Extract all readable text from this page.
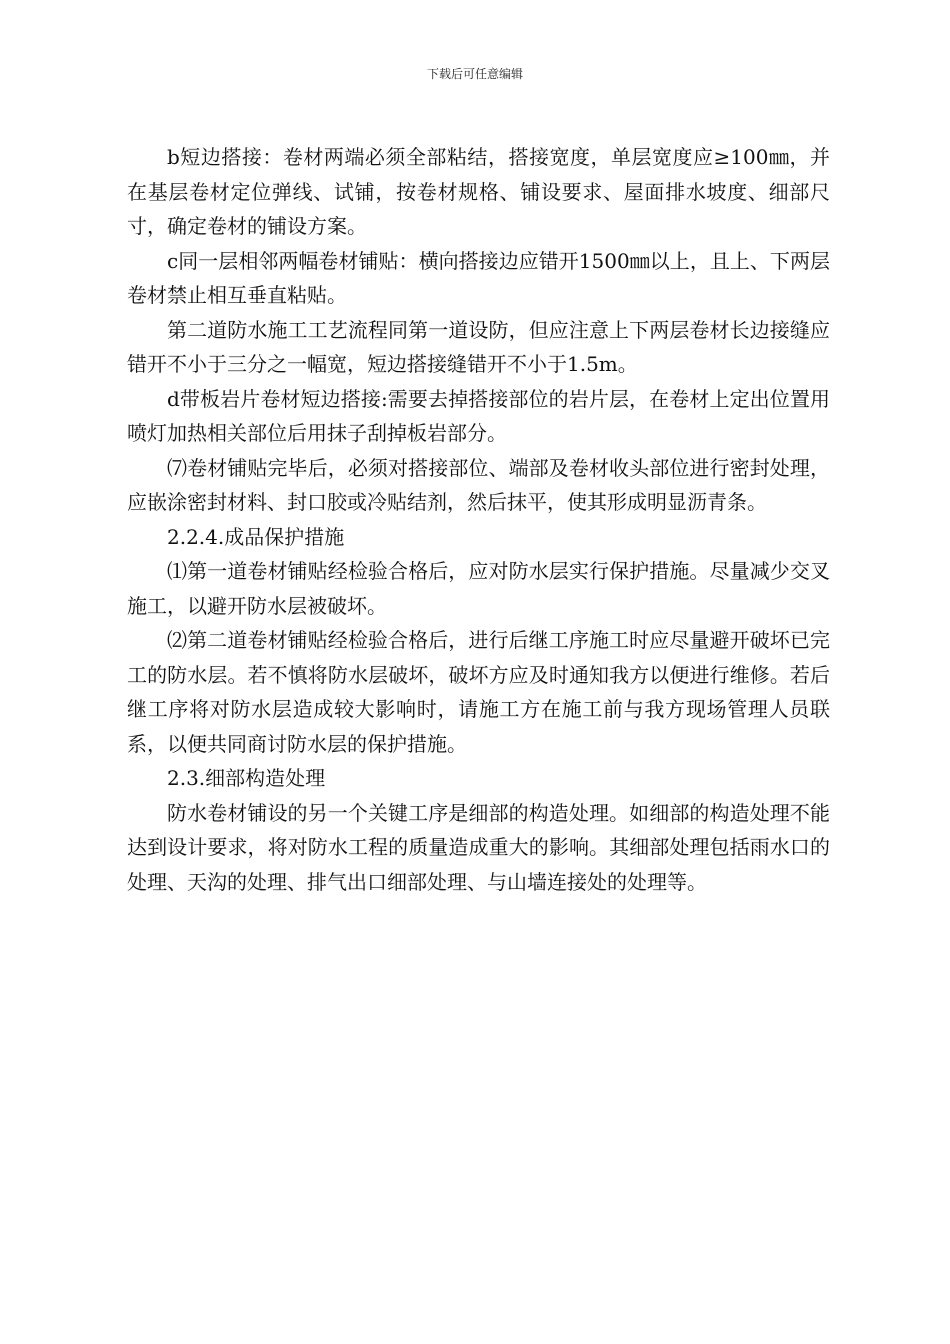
下载后可任意编辑

b短边搭接：卷材两端必须全部粘结，搭接宽度，单层宽度应≥100㎜，并在基层卷材定位弹线、试铺，按卷材规格、铺设要求、屋面排水坡度、细部尺寸，确定卷材的铺设方案。

c同一层相邻两幅卷材铺贴：横向搭接边应错开1500㎜以上，且上、下两层卷材禁止相互垂直粘贴。

第二道防水施工工艺流程同第一道设防，但应注意上下两层卷材长边接缝应错开不小于三分之一幅宽，短边搭接缝错开不小于1.5m。

d带板岩片卷材短边搭接:需要去掉搭接部位的岩片层，在卷材上定出位置用喷灯加热相关部位后用抹子刮掉板岩部分。

⑺卷材铺贴完毕后，必须对搭接部位、端部及卷材收头部位进行密封处理，应嵌涂密封材料、封口胶或冷贴结剂，然后抹平，使其形成明显沥青条。

2.2.4.成品保护措施

⑴第一道卷材铺贴经检验合格后，应对防水层实行保护措施。尽量减少交叉施工，以避开防水层被破坏。

⑵第二道卷材铺贴经检验合格后，进行后继工序施工时应尽量避开破坏已完工的防水层。若不慎将防水层破坏，破坏方应及时通知我方以便进行维修。若后继工序将对防水层造成较大影响时，请施工方在施工前与我方现场管理人员联系，以便共同商讨防水层的保护措施。

2.3.细部构造处理

防水卷材铺设的另一个关键工序是细部的构造处理。如细部的构造处理不能达到设计要求，将对防水工程的质量造成重大的影响。其细部处理包括雨水口的处理、天沟的处理、排气出口细部处理、与山墙连接处的处理等。
